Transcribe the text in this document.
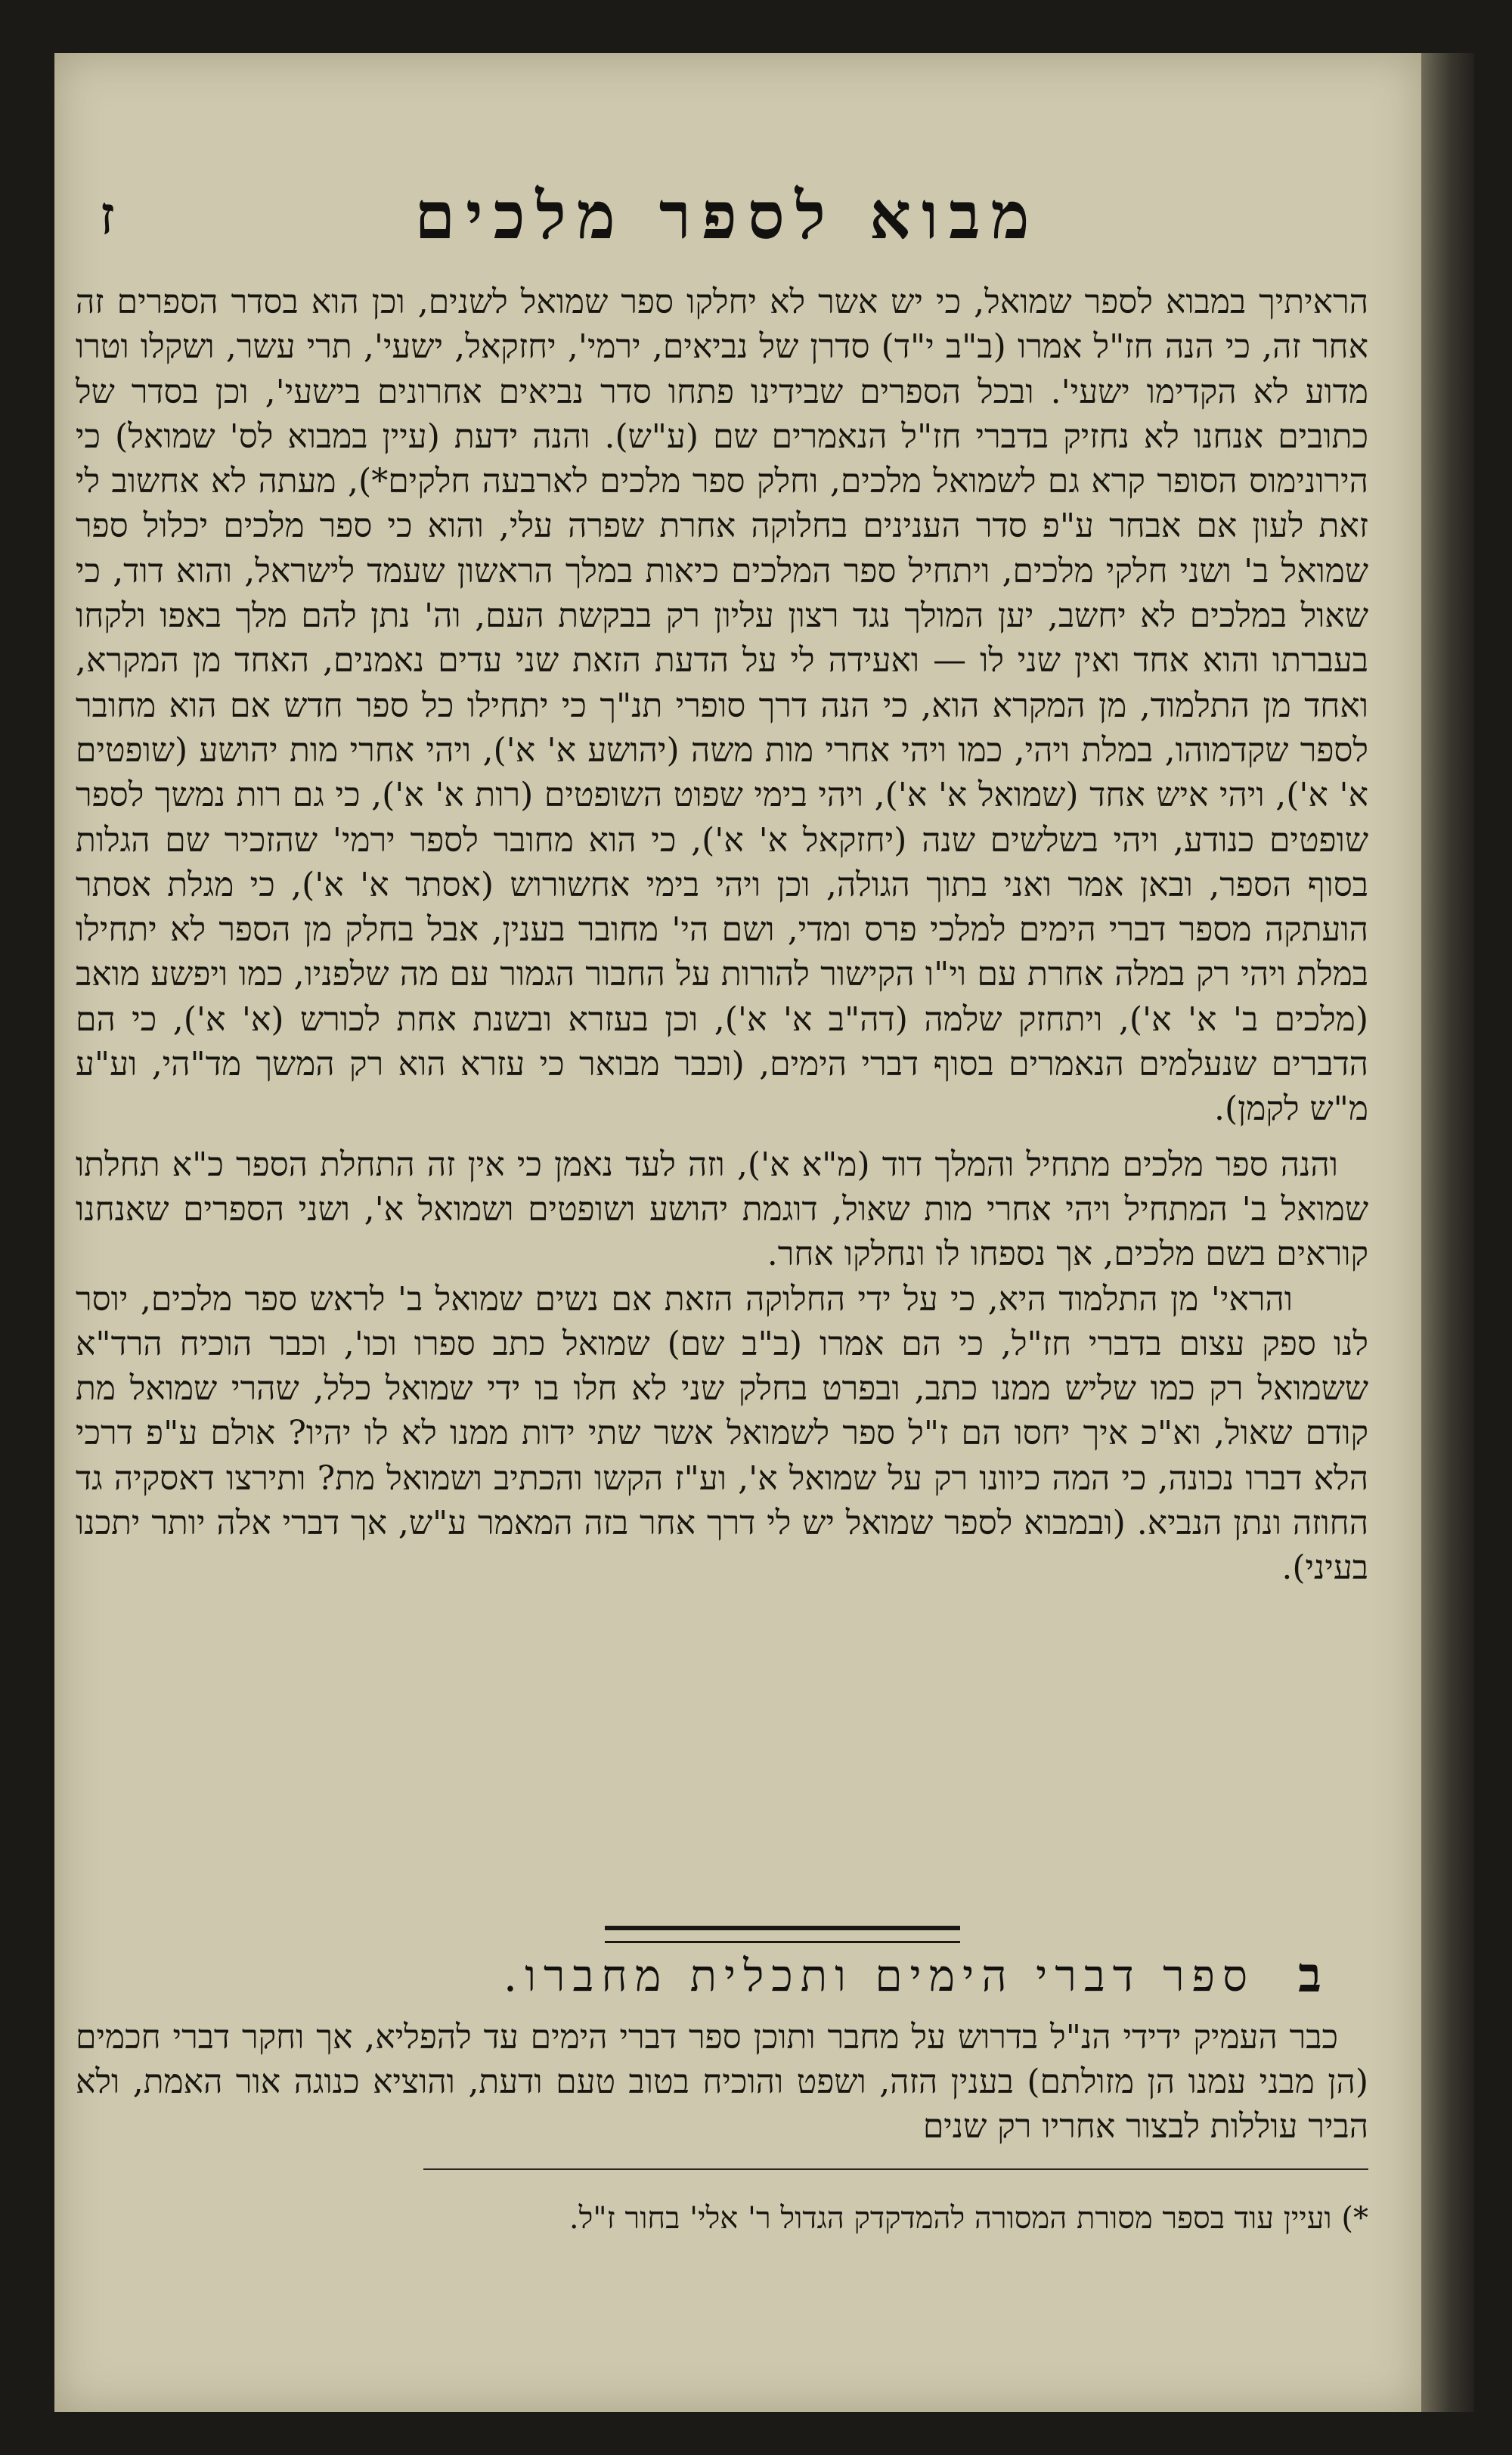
מבוא לספר מלכים
ז

הראיתיך במבוא לספר שמואל, כי יש אשר לא יחלקו ספר שמואל לשנים, וכן הוא בסדר הספרים זה אחר זה, כי הנה חז"ל אמרו (ב"ב י"ד) סדרן של נביאים, ירמי', יחזקאל, ישעי', תרי עשר, ושקלו וטרו מדוע לא הקדימו ישעי'. ובכל הספרים שבידינו פתחו סדר נביאים אחרונים בישעי', וכן בסדר של כתובים אנחנו לא נחזיק בדברי חז"ל הנאמרים שם (ע"ש). והנה ידעת (עיין במבוא לס' שמואל) כי הירונימוס הסופר קרא גם לשמואל מלכים, וחלק ספר מלכים לארבעה חלקים*), מעתה לא אחשוב לי זאת לעון אם אבחר ע"פ סדר הענינים בחלוקה אחרת שפרה עלי, והוא כי ספר מלכים יכלול ספר שמואל ב' ושני חלקי מלכים, ויתחיל ספר המלכים כיאות במלך הראשון שעמד לישראל, והוא דוד, כי שאול במלכים לא יחשב, יען המולך נגד רצון עליון רק בבקשת העם, וה' נתן להם מלך באפו ולקחו בעברתו והוא אחד ואין שני לו — ואעידה לי על הדעת הזאת שני עדים נאמנים, האחד מן המקרא, ואחד מן התלמוד, מן המקרא הוא, כי הנה דרך סופרי תנ"ך כי יתחילו כל ספר חדש אם הוא מחובר לספר שקדמוהו, במלת ויהי, כמו ויהי אחרי מות משה (יהושע א' א'), ויהי אחרי מות יהושע (שופטים א' א'), ויהי איש אחד (שמואל א' א'), ויהי בימי שפוט השופטים (רות א' א'), כי גם רות נמשך לספר שופטים כנודע, ויהי בשלשים שנה (יחזקאל א' א'), כי הוא מחובר לספר ירמי' שהזכיר שם הגלות בסוף הספר, ובאן אמר ואני בתוך הגולה, וכן ויהי בימי אחשורוש (אסתר א' א'), כי מגלת אסתר הועתקה מספר דברי הימים למלכי פרס ומדי, ושם הי' מחובר בענין, אבל בחלק מן הספר לא יתחילו במלת ויהי רק במלה אחרת עם וי"ו הקישור להורות על החבור הגמור עם מה שלפניו, כמו ויפשע מואב (מלכים ב' א' א'), ויתחזק שלמה (דה"ב א' א'), וכן בעזרא ובשנת אחת לכורש (א' א'), כי הם הדברים שנעלמים הנאמרים בסוף דברי הימים, (וכבר מבואר כי עזרא הוא רק המשך מד"הי, וע"ע מ"ש לקמן).

והנה ספר מלכים מתחיל והמלך דוד (מ"א א'), וזה לעד נאמן כי אין זה התחלת הספר כ"א תחלתו שמואל ב' המתחיל ויהי אחרי מות שאול, דוגמת יהושע ושופטים ושמואל א', ושני הספרים שאנחנו קוראים בשם מלכים, אך נספחו לו ונחלקו אחר.

והראי' מן התלמוד היא, כי על ידי החלוקה הזאת אם נשים שמואל ב' לראש ספר מלכים, יוסר לנו ספק עצום בדברי חז"ל, כי הם אמרו (ב"ב שם) שמואל כתב ספרו וכו', וכבר הוכיח הרד"א ששמואל רק כמו שליש ממנו כתב, ובפרט בחלק שני לא חלו בו ידי שמואל כלל, שהרי שמואל מת קודם שאול, וא"כ איך יחסו הם ז"ל ספר לשמואל אשר שתי ידות ממנו לא לו יהיו? אולם ע"פ דרכי הלא דברו נכונה, כי המה כיוונו רק על שמואל א', וע"ז הקשו והכתיב ושמואל מת? ותירצו דאסקיה גד החוזה ונתן הנביא. (ובמבוא לספר שמואל יש לי דרך אחר בזה המאמר ע"ש, אך דברי אלה יותר יתכנו בעיני).

ב
ספר דברי הימים ותכלית מחברו.

כבר העמיק ידידי הנ"ל בדרוש על מחבר ותוכן ספר דברי הימים עד להפליא, אך וחקר דברי חכמים (הן מבני עמנו הן מזולתם) בענין הזה, ושפט והוכיח בטוב טעם ודעת, והוציא כנוגה אור האמת, ולא הביר עוללות לבצור אחריו רק שנים

*) ועיין עוד בספר מסורת המסורה להמדקדק הגדול ר' אלי' בחור ז"ל.
